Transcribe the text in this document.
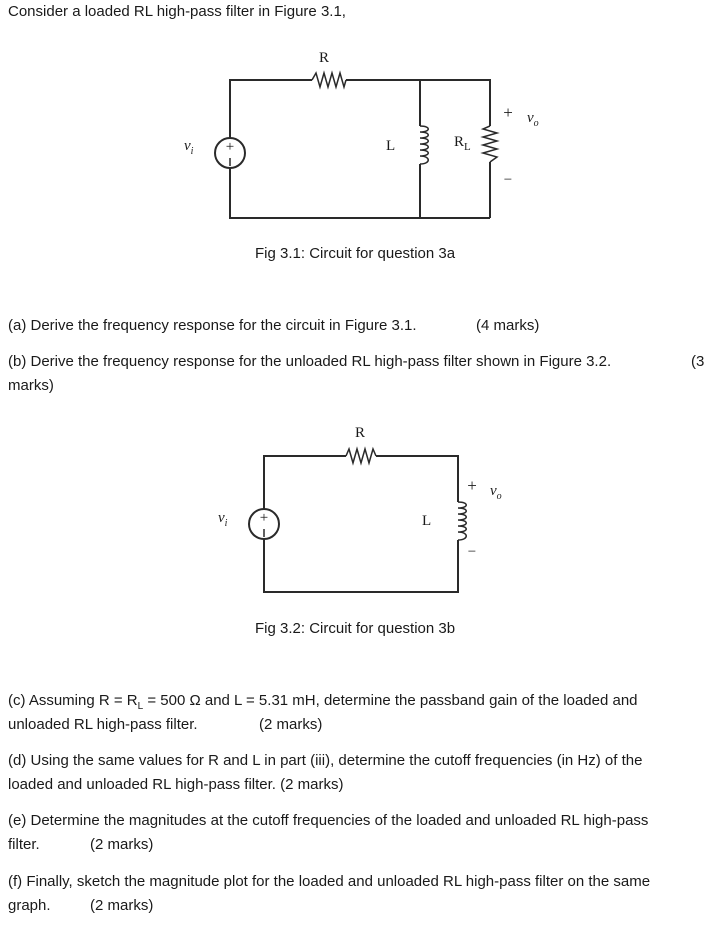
Consider a loaded RL high-pass filter in Figure 3.1,
+
R
L	$R_L$
$v_i$
+ $v_o$
−
+
R
L
$v_i$
+ $v_o$
−
Fig 3.1: Circuit for question 3a
(a) Derive the frequency response for the circuit in Figure 3.1.	(4 marks)
(b) Derive the frequency response for the unloaded RL high-pass filter shown in Figure 3.2.	(3
marks)
Fig 3.2: Circuit for question 3b
(c) Assuming $R = R_L = 500$ Ω and L = 5.31 mH, determine the passband gain of the loaded and
unloaded RL high-pass filter.	(2 marks)
(d) Using the same values for R and L in part (iii), determine the cutoff frequencies (in Hz) of the
loaded and unloaded RL high-pass filter. (2 marks)
(e) Determine the magnitudes at the cutoff frequencies of the loaded and unloaded RL high-pass
filter.	(2 marks)
(f) Finally, sketch the magnitude plot for the loaded and unloaded RL high-pass filter on the same
graph.	(2 marks)
